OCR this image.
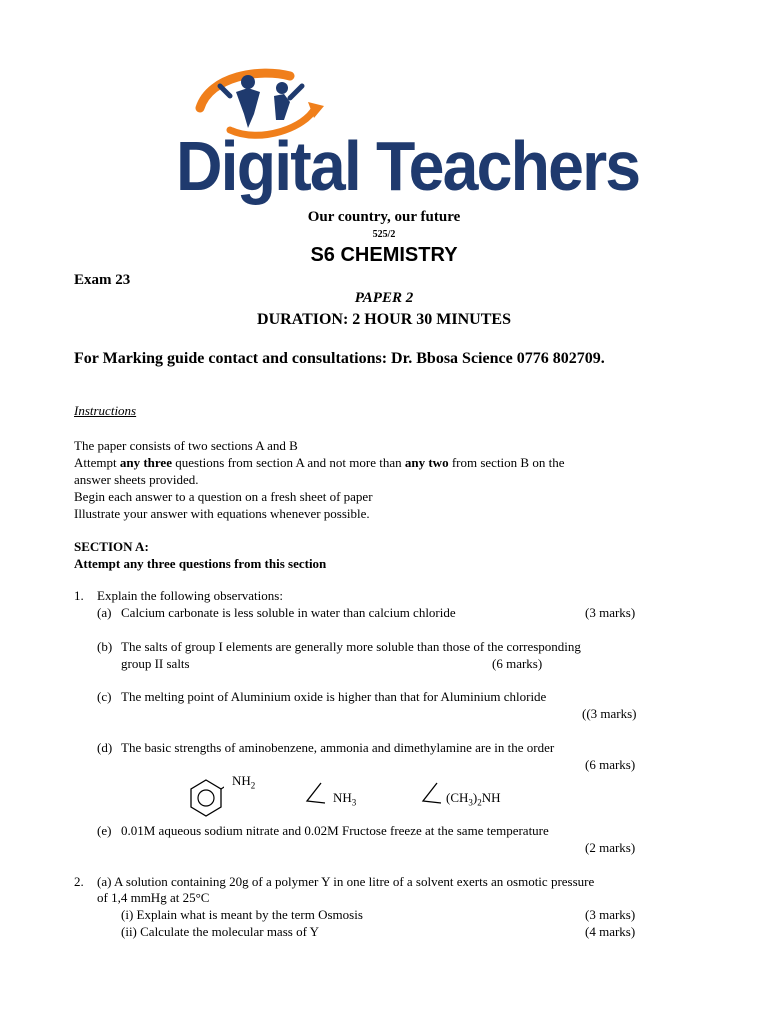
Digital Teachers
Our country, our future
525/2
S6 CHEMISTRY
Exam 23
PAPER 2
DURATION: 2 HOUR 30 MINUTES
For Marking guide contact and consultations: Dr. Bbosa Science 0776 802709.
Instructions
The paper consists of two sections A and B
Attempt any three questions from section A and not more than any two from section B on the
answer sheets provided.
Begin each answer to a question on a fresh sheet of paper
Illustrate your answer with equations whenever possible.
SECTION A:
Attempt any three questions from this section
1. Explain the following observations:
(a) Calcium carbonate is less soluble in water than calcium chloride	(3 marks)
(b) The salts of group I elements are generally more soluble than those of the corresponding
group II salts	(6 marks)
(c) The melting point of Aluminium oxide is higher than that for Aluminium chloride
((3 marks)
(d) The basic strengths of aminobenzene, ammonia and dimethylamine are in the order
(6 marks)
$NH_2$
$NH_3$	$(CH_3)_2NH$
(e) 0.01M aqueous sodium nitrate and 0.02M Fructose freeze at the same temperature
(2 marks)
2. (a) A solution containing 20g of a polymer Y in one litre of a solvent exerts an osmotic pressure
of 1,4 mmHg at 25°C
(i) Explain what is meant by the term Osmosis	(3 marks)
(ii) Calculate the molecular mass of Y	(4 marks)
